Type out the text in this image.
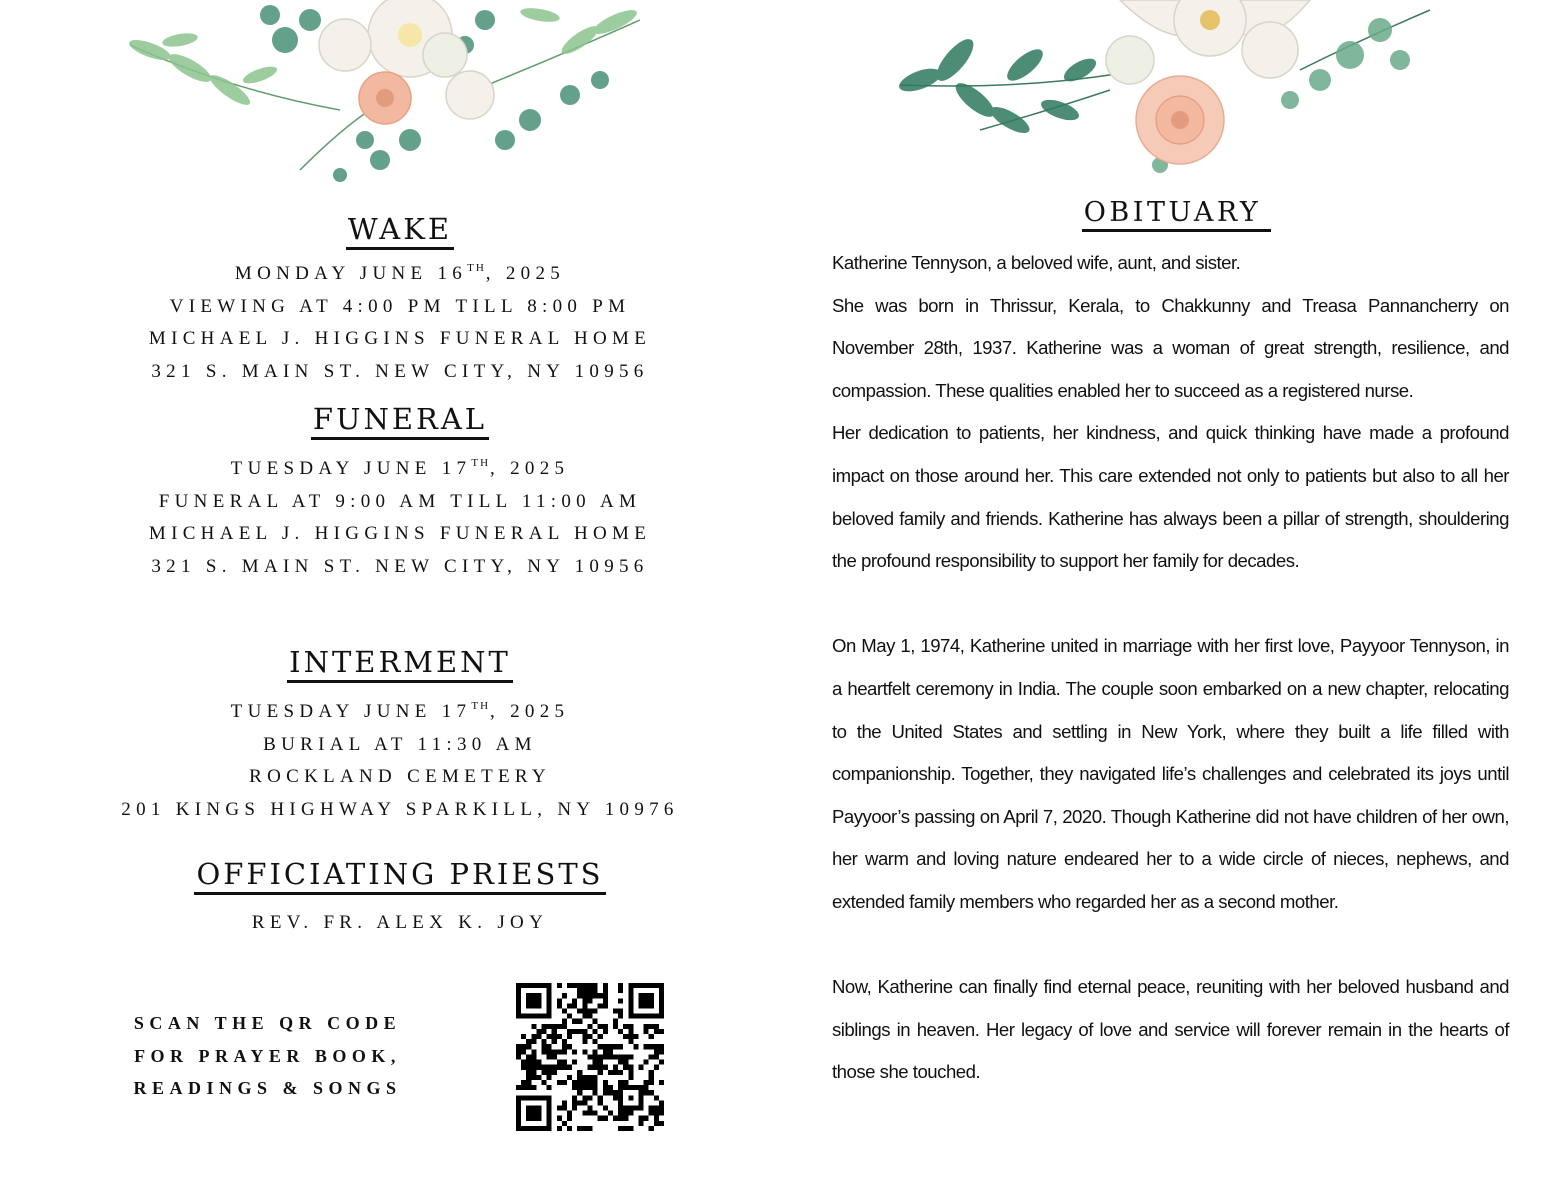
WAKE
MONDAY JUNE 16TH, 2025
VIEWING AT 4:00 PM TILL 8:00 PM
MICHAEL J. HIGGINS FUNERAL HOME
321 S. MAIN ST. NEW CITY, NY 10956
FUNERAL
TUESDAY JUNE 17TH, 2025
FUNERAL AT 9:00 AM TILL 11:00 AM
MICHAEL J. HIGGINS FUNERAL HOME
321 S. MAIN ST. NEW CITY, NY 10956
INTERMENT
TUESDAY JUNE 17TH, 2025
BURIAL AT 11:30 AM
ROCKLAND CEMETERY
201 KINGS HIGHWAY SPARKILL, NY 10976
OFFICIATING PRIESTS
REV. FR. ALEX K. JOY
SCAN THE QR CODE
FOR PRAYER BOOK,
READINGS & SONGS
OBITUARY

Katherine Tennyson, a beloved wife, aunt, and sister.

She was born in Thrissur, Kerala, to Chakkunny and Treasa Pannancherry on November 28th, 1937. Katherine was a woman of great strength, resilience, and compassion. These qualities enabled her to succeed as a registered nurse.

Her dedication to patients, her kindness, and quick thinking have made a profound impact on those around her. This care extended not only to patients but also to all her beloved family and friends. Katherine has always been a pillar of strength, shouldering the profound responsibility to support her family for decades.

On May 1, 1974, Katherine united in marriage with her first love, Payyoor Tennyson, in a heartfelt ceremony in India. The couple soon embarked on a new chapter, relocating to the United States and settling in New York, where they built a life filled with companionship. Together, they navigated life’s challenges and celebrated its joys until Payyoor’s passing on April 7, 2020. Though Katherine did not have children of her own, her warm and loving nature endeared her to a wide circle of nieces, nephews, and extended family members who regarded her as a second mother.

Now, Katherine can finally find eternal peace, reuniting with her beloved husband and siblings in heaven. Her legacy of love and service will forever remain in the hearts of those she touched.
